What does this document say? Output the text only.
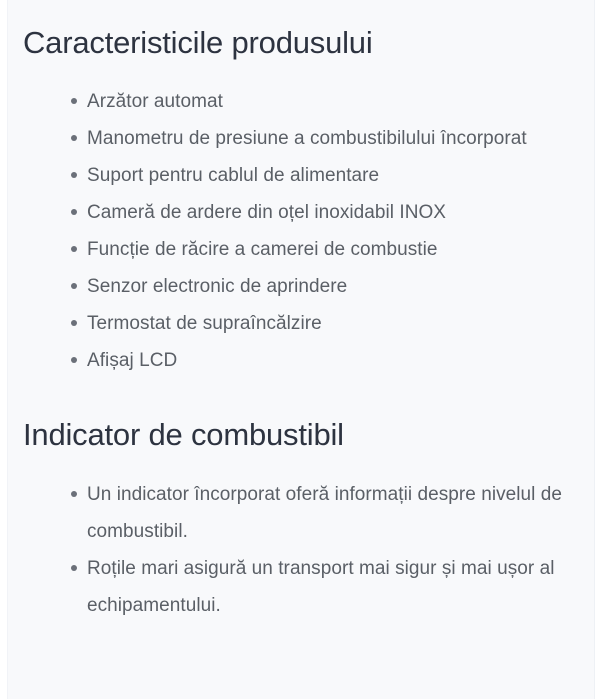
Caracteristicile produsului
Arzător automat
Manometru de presiune a combustibilului încorporat
Suport pentru cablul de alimentare
Cameră de ardere din oțel inoxidabil INOX
Funcție de răcire a camerei de combustie
Senzor electronic de aprindere
Termostat de supraîncălzire
Afișaj LCD
Indicator de combustibil
Un indicator încorporat oferă informații despre nivelul de combustibil.
Roțile mari asigură un transport mai sigur și mai ușor al echipamentului.
